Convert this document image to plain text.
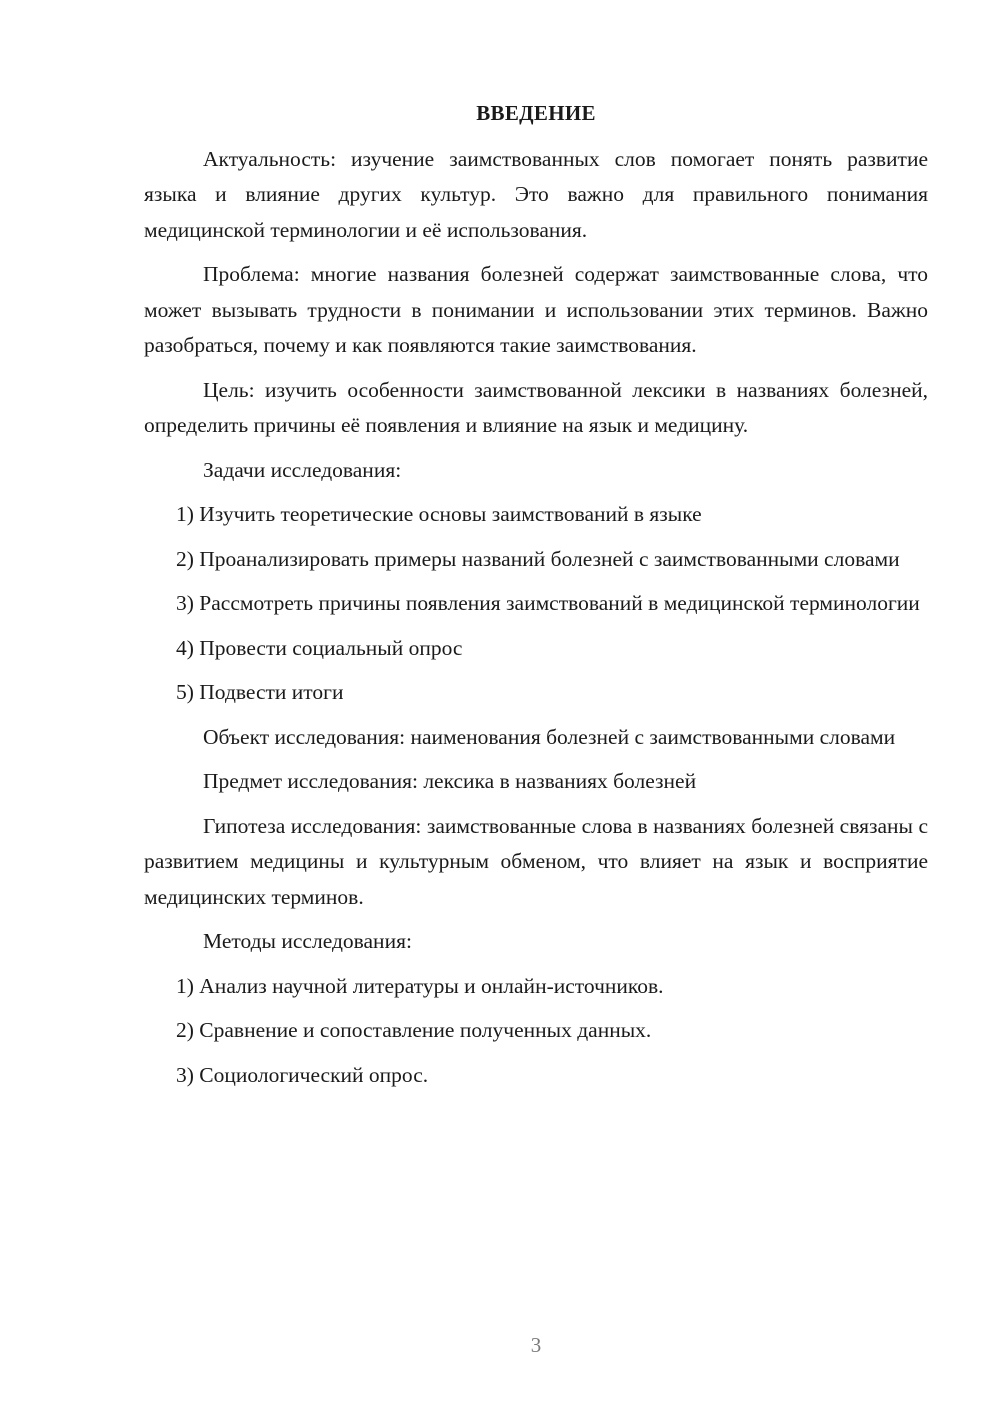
ВВЕДЕНИЕ
Актуальность: изучение заимствованных слов помогает понять развитие языка и влияние других культур. Это важно для правильного понимания медицинской терминологии и её использования.
Проблема: многие названия болезней содержат заимствованные слова, что может вызывать трудности в понимании и использовании этих терминов. Важно разобраться, почему и как появляются такие заимствования.
Цель: изучить особенности заимствованной лексики в названиях болезней, определить причины её появления и влияние на язык и медицину.
Задачи исследования:
1) Изучить теоретические основы заимствований в языке
2) Проанализировать примеры названий болезней с заимствованными словами
3) Рассмотреть причины появления заимствований в медицинской терминологии
4) Провести социальный опрос
5) Подвести итоги
Объект исследования: наименования болезней с заимствованными словами
Предмет исследования: лексика в названиях болезней
Гипотеза исследования: заимствованные слова в названиях болезней связаны с развитием медицины и культурным обменом, что влияет на язык и восприятие медицинских терминов.
Методы исследования:
1) Анализ научной литературы и онлайн-источников.
2) Сравнение и сопоставление полученных данных.
3) Социологический опрос.
3
